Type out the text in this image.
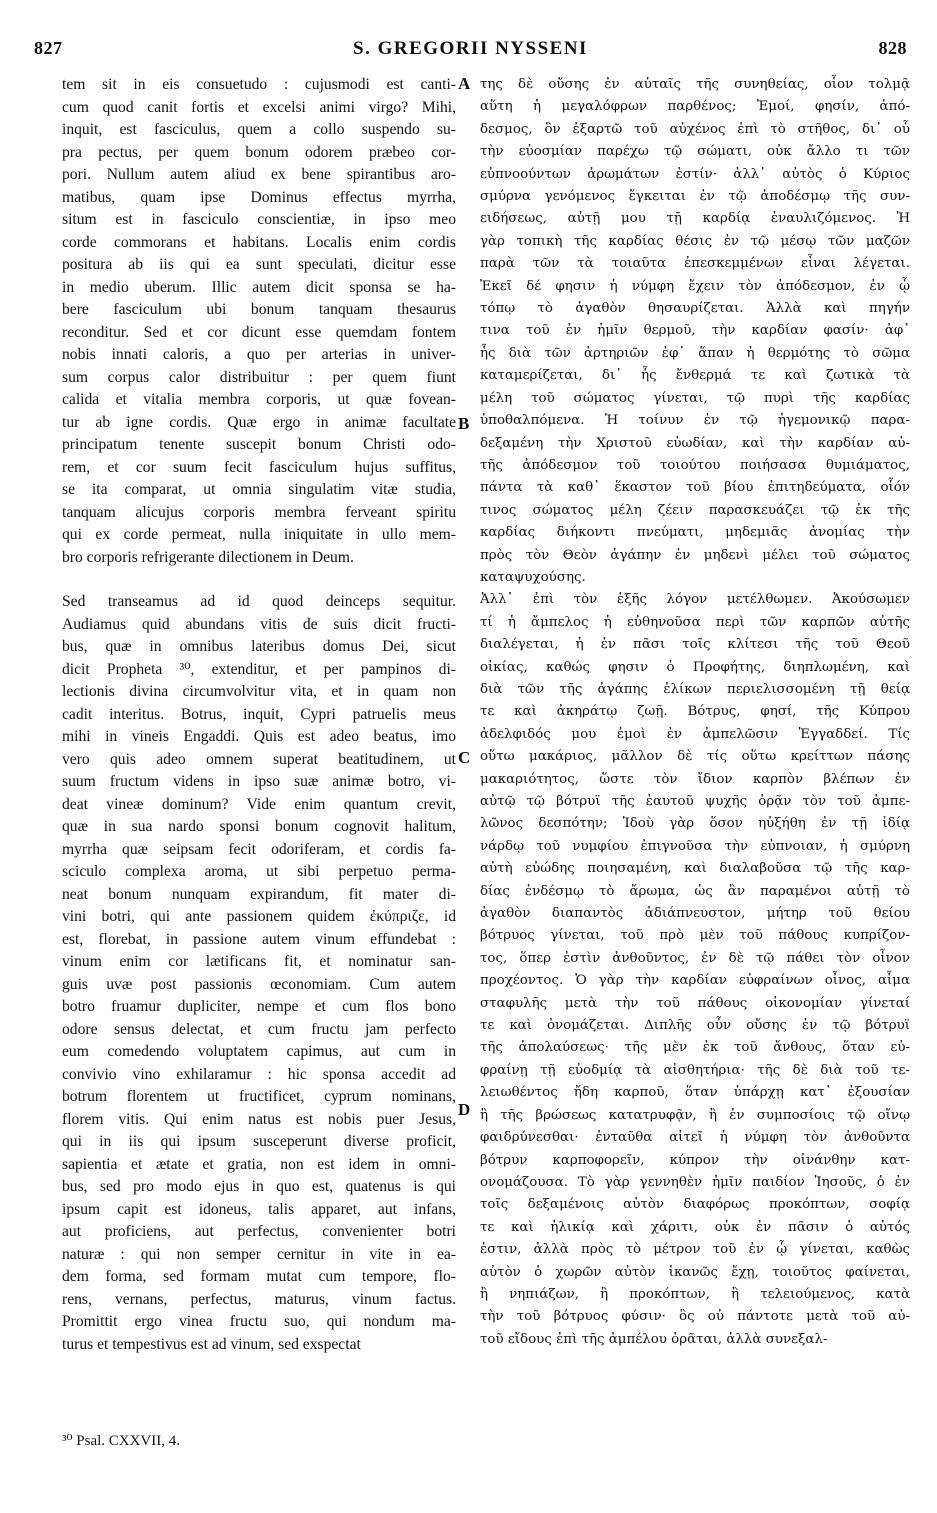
827	S. GREGORII NYSSENI	828
tem sit in eis consuetudo : cujusmodi est canti-
cum quod canit fortis et excelsi animi virgo? Mihi,
inquit, est fasciculus, quem a collo suspendo su-
pra pectus, per quem bonum odorem præbeo cor-
pori. Nullum autem aliud ex bene spirantibus aro-
matibus, quam ipse Dominus effectus myrrha,
situm est in fasciculo conscientiæ, in ipso meo
corde commorans et habitans. Localis enim cordis
positura ab iis qui ea sunt speculati, dicitur esse
in medio uberum. Illic autem dicit sponsa se ha-
bere fasciculum ubi bonum tanquam thesaurus
reconditur. Sed et cor dicunt esse quemdam fontem
nobis innati caloris, a quo per arterias in univer-
sum corpus calor distribuitur : per quem fiunt
calida et vitalia membra corporis, ut quæ fovean-
tur ab igne cordis. Quæ ergo in animæ facultate
principatum tenente suscepit bonum Christi odo-
rem, et cor suum fecit fasciculum hujus suffitus,
se ita comparat, ut omnia singulatim vitæ studia,
tanquam alicujus corporis membra ferveant spiritu
qui ex corde permeat, nulla iniquitate in ullo mem-
bro corporis refrigerante dilectionem in Deum.
Sed transeamus ad id quod deinceps sequitur.
Audiamus quid abundans vitis de suis dicit fructi-
bus, quæ in omnibus lateribus domus Dei, sicut
dicit Propheta ³⁰, extenditur, et per pampinos di-
lectionis divina circumvolvitur vita, et in quam non
cadit interitus. Botrus, inquit, Cypri patruelis meus
mihi in vineis Engaddi. Quis est adeo beatus, imo
vero quis adeo omnem superat beatitudinem, ut
suum fructum videns in ipso suæ animæ botro, vi-
deat vineæ dominum? Vide enim quantum crevit,
quæ in sua nardo sponsi bonum cognovit halitum,
myrrha quæ seipsam fecit odoriferam, et cordis fa-
sciculo complexa aroma, ut sibi perpetuo perma-
neat bonum nunquam expirandum, fit mater di-
vini botri, qui ante passionem quidem ἐκύπριζε, id
est, florebat, in passione autem vinum effundebat :
vinum enim cor lætificans fit, et nominatur san-
guis uvæ post passionis œconomiam. Cum autem
botro fruamur dupliciter, nempe et cum flos bono
odore sensus delectat, et cum fructu jam perfecto
eum comedendo voluptatem capimus, aut cum in
convivio vino exhilaramur : hic sponsa accedit ad
botrum florentem ut fructificet, cyprum nominans,
florem vitis. Qui enim natus est nobis puer Jesus,
qui in iis qui ipsum susceperunt diverse proficit,
sapientia et ætate et gratia, non est idem in omni-
bus, sed pro modo ejus in quo est, quatenus is qui
ipsum capit est idoneus, talis apparet, aut infans,
aut proficiens, aut perfectus, convenienter botri
naturæ : qui non semper cernitur in vite in ea-
dem forma, sed formam mutat cum tempore, flo-
rens, vernans, perfectus, maturus, vinum factus.
Promittit ergo vinea fructu suo, qui nondum ma-
turus et tempestivus est ad vinum, sed exspectat
της δὲ οὔσης ἐν αὐταῖς τῆς συνηθείας, οἷον τολμᾷ
αὕτη ἡ μεγαλόφρων παρθένος; Ἐμοί, φησίν, ἀπό-
δεσμος, ὃν ἐξαρτῶ τοῦ αὐχένος ἐπὶ τὸ στῆθος, δι᾽ οὗ
τὴν εὐοσμίαν παρέχω τῷ σώματι, οὐκ ἄλλο τι τῶν
εὐπνοούντων ἀρωμάτων ἐστίν· ἀλλ᾽ αὐτὸς ὁ Κύριος
σμύρνα γενόμενος ἔγκειται ἐν τῷ ἀποδέσμῳ τῆς συν-
ειδήσεως, αὐτῇ μου τῇ καρδίᾳ ἐναυλιζόμενος. Ἡ
γὰρ τοπικὴ τῆς καρδίας θέσις ἐν τῷ μέσῳ τῶν μαζῶν
παρὰ τῶν τὰ τοιαῦτα ἐπεσκεμμένων εἶναι λέγεται.
Ἐκεῖ δέ φησιν ἡ νύμφη ἔχειν τὸν ἀπόδεσμον, ἐν ᾧ
τόπῳ τὸ ἀγαθὸν θησαυρίζεται. Ἀλλὰ καὶ πηγήν
τινα τοῦ ἐν ἡμῖν θερμοῦ, τὴν καρδίαν φασίν· ἀφ᾽
ἧς διὰ τῶν ἀρτηριῶν ἐφ᾽ ἅπαν ἡ θερμότης τὸ σῶμα
καταμερίζεται, δι᾽ ἧς ἔνθερμά τε καὶ ζωτικὰ τὰ
μέλη τοῦ σώματος γίνεται, τῷ πυρὶ τῆς καρδίας
ὑποθαλπόμενα. Ἡ τοίνυν ἐν τῷ ἡγεμονικῷ παρα-
δεξαμένη τὴν Χριστοῦ εὐωδίαν, καὶ τὴν καρδίαν αὐ-
τῆς ἀπόδεσμον τοῦ τοιούτου ποιήσασα θυμιάματος,
πάντα τὰ καθ᾽ ἕκαστον τοῦ βίου ἐπιτηδεύματα, οἷόν
τινος σώματος μέλη ζέειν παρασκευάζει τῷ ἐκ τῆς
καρδίας διήκοντι πνεύματι, μηδεμιᾶς ἀνομίας τὴν
πρὸς τὸν Θεὸν ἀγάπην ἐν μηδενὶ μέλει τοῦ σώματος
καταψυχούσης.
Ἀλλ᾽ ἐπὶ τὸν ἑξῆς λόγον μετέλθωμεν. Ἀκούσωμεν
τί ἡ ἄμπελος ἡ εὐθηνοῦσα περὶ τῶν καρπῶν αὐτῆς
διαλέγεται, ἡ ἐν πᾶσι τοῖς κλίτεσι τῆς τοῦ Θεοῦ
οἰκίας, καθώς φησιν ὁ Προφήτης, διηπλωμένη, καὶ
διὰ τῶν τῆς ἀγάπης ἑλίκων περιελισσομένη τῇ θείᾳ
τε καὶ ἀκηράτῳ ζωῇ. Βότρυς, φησί, τῆς Κύπρου
ἀδελφιδός μου ἐμοὶ ἐν ἀμπελῶσιν Ἐγγαδδεί. Τίς
οὕτω μακάριος, μᾶλλον δὲ τίς οὕτω κρείττων πάσης
μακαριότητος, ὥστε τὸν ἴδιον καρπὸν βλέπων ἐν
αὐτῷ τῷ βότρυϊ τῆς ἑαυτοῦ ψυχῆς ὁρᾷν τὸν τοῦ ἀμπε-
λῶνος δεσπότην; Ἰδοὺ γὰρ ὅσον ηὐξήθη ἐν τῇ ἰδίᾳ
νάρδῳ τοῦ νυμφίου ἐπιγνοῦσα τὴν εὐπνοιαν, ἡ σμύρνη
αὐτὴ εὐώδης ποιησαμένη, καὶ διαλαβοῦσα τῷ τῆς καρ-
δίας ἐνδέσμῳ τὸ ἄρωμα, ὡς ἂν παραμένοι αὐτῇ τὸ
ἀγαθὸν διαπαντὸς ἀδιάπνευστον, μήτηρ τοῦ θείου
βότρυος γίνεται, τοῦ πρὸ μὲν τοῦ πάθους κυπρίζον-
τος, ὅπερ ἐστὶν ἀνθοῦντος, ἐν δὲ τῷ πάθει τὸν οἶνον
προχέοντος. Ὁ γὰρ τὴν καρδίαν εὐφραίνων οἶνος, αἷμα
σταφυλῆς μετὰ τὴν τοῦ πάθους οἰκονομίαν γίνεταί
τε καὶ ὀνομάζεται. Διπλῆς οὖν οὔσης ἐν τῷ βότρυϊ
τῆς ἀπολαύσεως· τῆς μὲν ἐκ τοῦ ἄνθους, ὅταν εὐ-
φραίνῃ τῇ εὐοδμίᾳ τὰ αἰσθητήρια· τῆς δὲ διὰ τοῦ τε-
λειωθέντος ἤδη καρποῦ, ὅταν ὑπάρχῃ κατ᾽ ἐξουσίαν
ἢ τῆς βρώσεως κατατρυφᾷν, ἢ ἐν συμποσίοις τῷ οἴνῳ
φαιδρύνεσθαι· ἐνταῦθα αἰτεῖ ἡ νύμφη τὸν ἀνθοῦντα
βότρυν καρποφορεῖν, κύπρον τὴν οἰνάνθην κατ-
ονομάζουσα. Τὸ γὰρ γεννηθὲν ἡμῖν παιδίον Ἰησοῦς, ὁ ἐν
τοῖς δεξαμένοις αὐτὸν διαφόρως προκόπτων, σοφίᾳ
τε καὶ ἡλικίᾳ καὶ χάριτι, οὐκ ἐν πᾶσιν ὁ αὐτός
ἐστιν, ἀλλὰ πρὸς τὸ μέτρον τοῦ ἐν ᾧ γίνεται, καθὼς
αὐτὸν ὁ χωρῶν αὐτὸν ἱκανῶς ἔχῃ, τοιοῦτος φαίνεται,
ἢ νηπιάζων, ἢ προκόπτων, ἢ τελειούμενος, κατὰ
τὴν τοῦ βότρυος φύσιν· ὃς οὐ πάντοτε μετὰ τοῦ αὐ-
τοῦ εἴδους ἐπὶ τῆς ἀμπέλου ὁρᾶται, ἀλλὰ συνεξαλ-
A
B
C
D
³⁰ Psal. CXXVII, 4.
